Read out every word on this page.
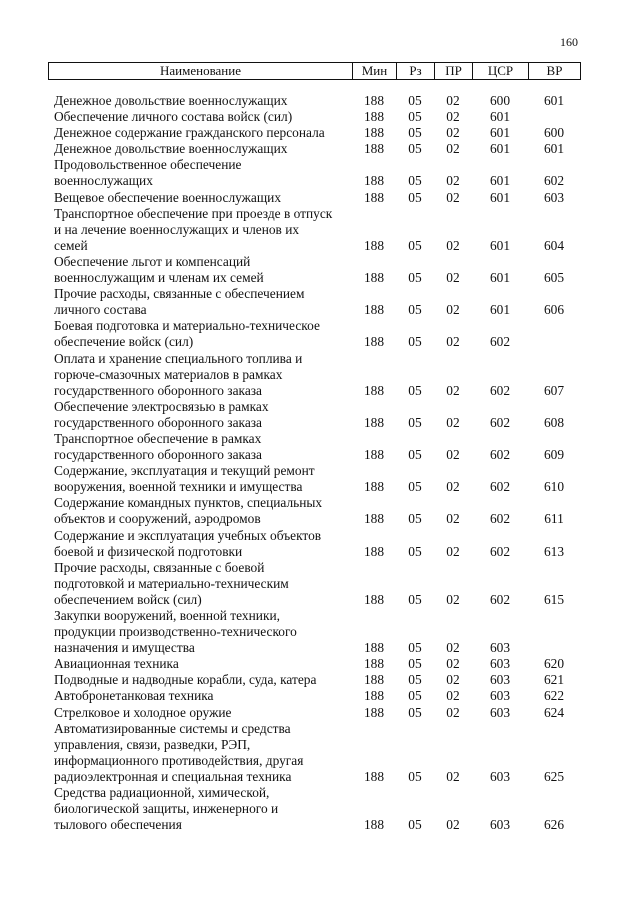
160
Наименование	Мин	Рз	ПР	ЦСР	ВР
Денежное довольствие военнослужащих	188	05	02	600	601
Обеспечение личного состава войск (сил)	188	05	02	601	
Денежное содержание гражданского персонала	188	05	02	601	600
Денежное довольствие военнослужащих	188	05	02	601	601
Продовольственное обеспечение
военнослужащих	188	05	02	601	602
Вещевое обеспечение военнослужащих	188	05	02	601	603
Транспортное обеспечение при проезде в отпуск
и на лечение военнослужащих и членов их
семей	188	05	02	601	604
Обеспечение льгот и компенсаций
военнослужащим и членам их семей	188	05	02	601	605
Прочие расходы, связанные с обеспечением
личного состава	188	05	02	601	606
Боевая подготовка и материально-техническое
обеспечение войск (сил)	188	05	02	602	
Оплата и хранение специального топлива и
горюче-смазочных материалов в рамках
государственного оборонного заказа	188	05	02	602	607
Обеспечение электросвязью в рамках
государственного оборонного заказа	188	05	02	602	608
Транспортное обеспечение в рамках
государственного оборонного заказа	188	05	02	602	609
Содержание, эксплуатация и текущий ремонт
вооружения, военной техники и имущества	188	05	02	602	610
Содержание командных пунктов, специальных
объектов и сооружений, аэродромов	188	05	02	602	611
Содержание и эксплуатация учебных объектов
боевой и физической подготовки	188	05	02	602	613
Прочие расходы, связанные с боевой
подготовкой и материально-техническим
обеспечением войск (сил)	188	05	02	602	615
Закупки вооружений, военной техники,
продукции производственно-технического
назначения и имущества	188	05	02	603	
Авиационная техника	188	05	02	603	620
Подводные и надводные корабли, суда, катера	188	05	02	603	621
Автобронетанковая техника	188	05	02	603	622
Стрелковое и холодное оружие	188	05	02	603	624
Автоматизированные системы и средства
управления, связи, разведки, РЭП,
информационного противодействия, другая
радиоэлектронная и специальная техника	188	05	02	603	625
Средства радиационной, химической,
биологической защиты, инженерного и
тылового обеспечения	188	05	02	603	626
